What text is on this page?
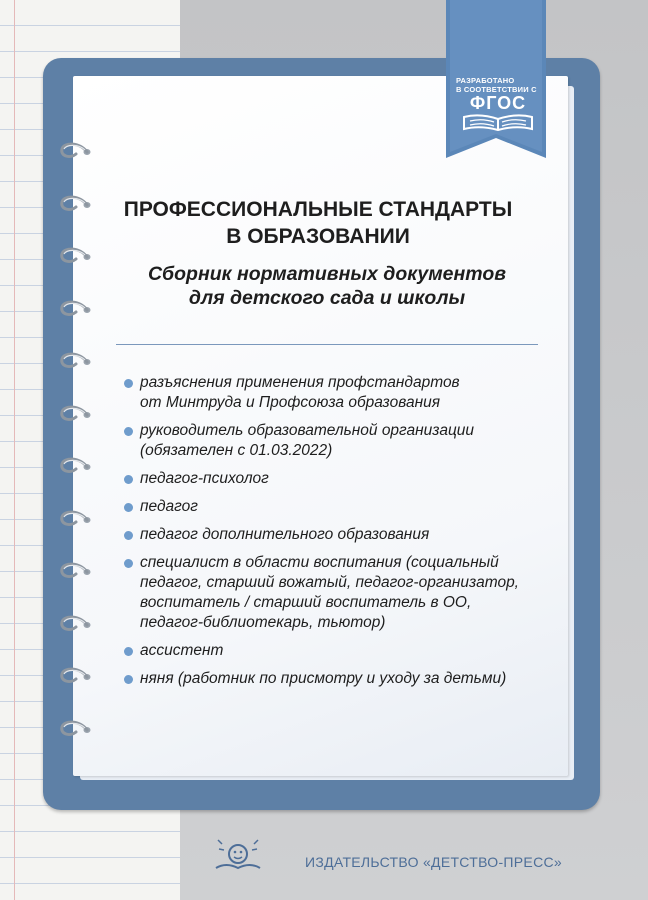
РАЗРАБОТАНО
В СООТВЕТСТВИИ С
ФГОС
ПРОФЕССИОНАЛЬНЫЕ СТАНДАРТЫ
В ОБРАЗОВАНИИ
Сборник нормативных документов
для детского сада и школы
разъяснения применения профстандартов
от Минтруда и Профсоюза образования
руководитель образовательной организации
(обязателен с 01.03.2022)
педагог-психолог
педагог
педагог дополнительного образования
специалист в области воспитания (социальный
педагог, старший вожатый, педагог-организатор,
воспитатель / старший воспитатель в ОО,
педагог-библиотекарь, тьютор)
ассистент
няня (работник по присмотру и уходу за детьми)
ИЗДАТЕЛЬСТВО «ДЕТСТВО-ПРЕСС»
